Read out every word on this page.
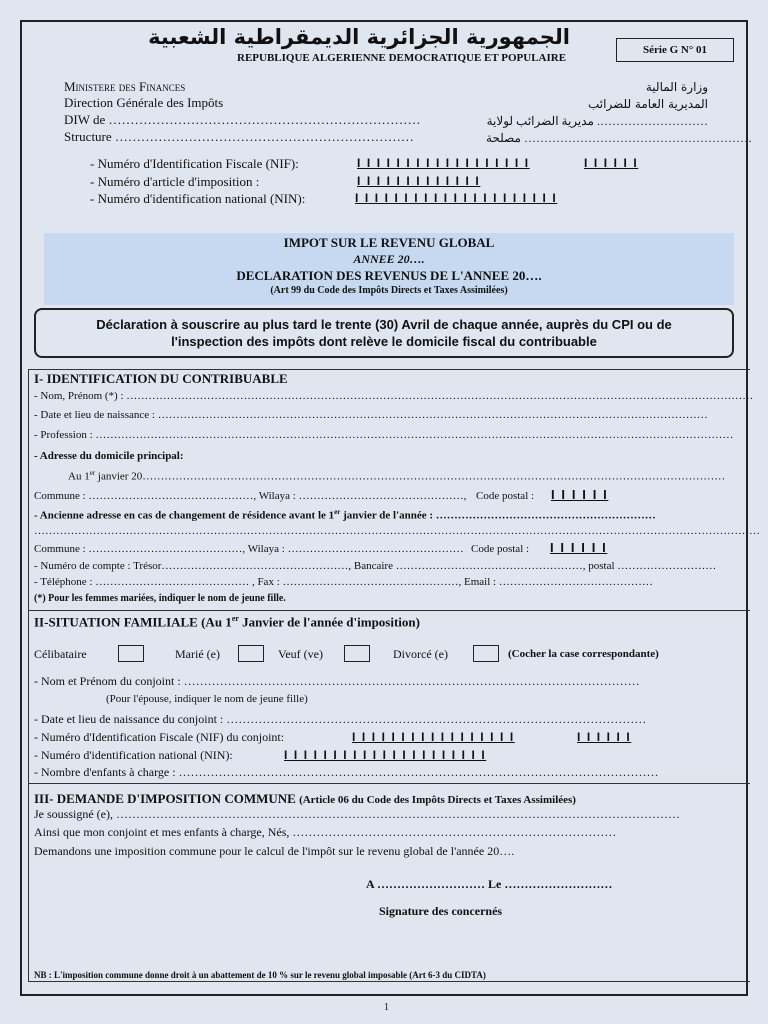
الجمهورية الجزائرية الديمقراطية الشعبية
REPUBLIQUE ALGERIENNE DEMOCRATIQUE ET POPULAIRE
Série G N° 01
Ministere des Finances
Direction Générale des Impôts
DIW de ………………………………………………………………
Structure ……………………………………………………………
وزارة المالية
المديرية العامة للضرائب
………………………. مديرية الضرائب لولاية
………………………………………………… مصلحة
- Numéro d'Identification Fiscale (NIF):	I I I I I I I I I I I I I I I I I I	I I I I I I
- Numéro d'article d'imposition :	I I I I I I I I I I I I I
- Numéro d'identification national (NIN):	I I I I I I I I I I I I I I I I I I I I I
IMPOT SUR LE REVENU GLOBAL
ANNEE 20….
DECLARATION DES REVENUS DE L'ANNEE 20….
(Art 99 du Code des Impôts Directs et Taxes Assimilées)
Déclaration à souscrire au plus tard le trente (30) Avril de chaque année, auprès du CPI ou de
l'inspection des impôts dont relève le domicile fiscal du contribuable
I- IDENTIFICATION DU CONTRIBUABLE
- Nom, Prénom (*) : ………………………………………………………………………………………………………………………………………………………
- Date et lieu de naissance : ……………………………………………………………………………………………………………………………………
- Profession : …………………………………………………………………………………………………………………………………………………………
- Adresse du domicile principal:
Au 1er janvier 20……………………………………………………………………………………………………………………………………………
Commune : ………………………………………, Wilaya : ………………………………………, Code postal : I I I I I I
- Ancienne adresse en cas de changement de résidence avant le 1er janvier de l'année : ……………………………………………………
………………………………………………………………………………………………………………………………………………………………………………
Commune : ……………………………………, Wilaya : ………………………………………… Code postal : I I I I I I
- Numéro de compte : Trésor……………………………………………, Bancaire ……………………………………………, postal ………………………
- Téléphone : …………………………………… , Fax : …………………………………………, Email : ……………………………………
(*) Pour les femmes mariées, indiquer le nom de jeune fille.
II-SITUATION FAMILIALE (Au 1er Janvier de l'année d'imposition)
Célibataire	Marié (e)	Veuf (ve)	Divorcé (e)	(Cocher la case correspondante)
- Nom et Prénom du conjoint : ……………………………………………………………………………………………………
(Pour l'épouse, indiquer le nom de jeune fille)
- Date et lieu de naissance du conjoint : ……………………………………………………………………………………………
- Numéro d'Identification Fiscale (NIF) du conjoint:	I I I I I I I I I I I I I I I I I	I I I I I I
- Numéro d'identification national (NIN):	I I I I I I I I I I I I I I I I I I I I I
- Nombre d'enfants à charge : …………………………………………………………………………………………………………
III- DEMANDE D'IMPOSITION COMMUNE (Article 06 du Code des Impôts Directs et Taxes Assimilées)
Je soussigné (e), ……………………………………………………………………………………………………………………………
Ainsi que mon conjoint et mes enfants à charge, Nés, ………………………………………………………………………
Demandons une imposition commune pour le calcul de l'impôt sur le revenu global de l'année 20….
A ……………………… Le ………………………
Signature des concernés
NB : L'imposition commune donne droit à un abattement de 10 % sur le revenu global imposable (Art 6-3 du CIDTA)
1
